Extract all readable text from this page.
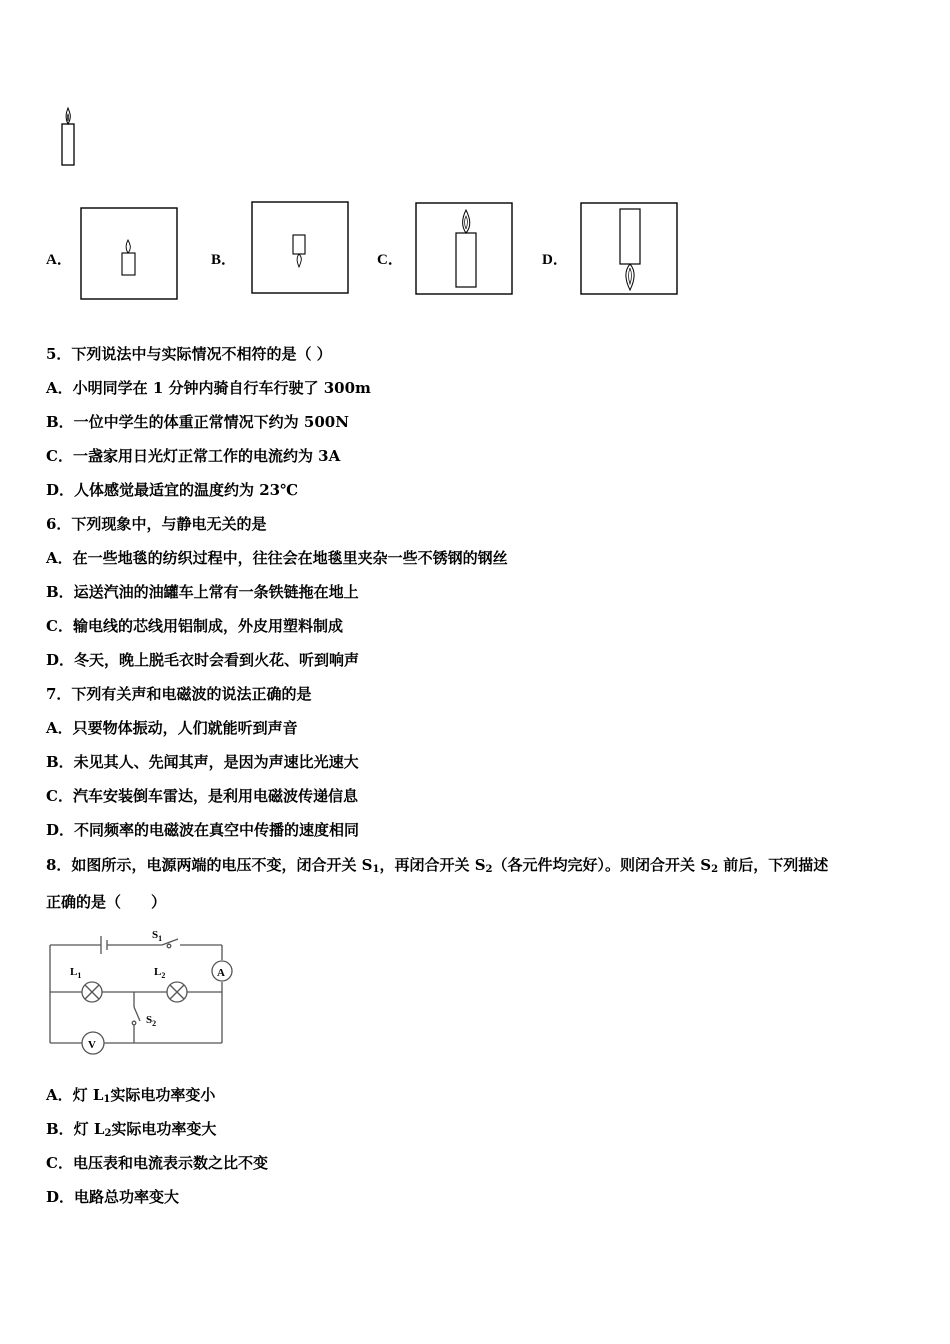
A．	B．	C．	D．
5．下列说法中与实际情况不相符的是（ ）
A．小明同学在 1 分钟内骑自行车行驶了 300m
B．一位中学生的体重正常情况下约为 500N
C．一盏家用日光灯正常工作的电流约为 3A
D．人体感觉最适宜的温度约为 23℃
6．下列现象中，与静电无关的是
A．在一些地毯的纺织过程中，往往会在地毯里夹杂一些不锈钢的钢丝
B．运送汽油的油罐车上常有一条铁链拖在地上
C．输电线的芯线用铝制成，外皮用塑料制成
D．冬天，晚上脱毛衣时会看到火花、听到响声
7．下列有关声和电磁波的说法正确的是
A．只要物体振动，人们就能听到声音
B．未见其人、先闻其声，是因为声速比光速大
C．汽车安装倒车雷达，是利用电磁波传递信息
D．不同频率的电磁波在真空中传播的速度相同
8．如图所示，电源两端的电压不变，闭合开关 $S_1$，再闭合开关 $S_2$（各元件均完好）。则闭合开关 $S_2$ 前后，下列描述
正确的是（　　）
$S_1$
$L_1$	$L_2$
$S_2$
A
V
A．灯 $L_1$实际电功率变小
B．灯 $L_2$实际电功率变大
C．电压表和电流表示数之比不变
D．电路总功率变大
